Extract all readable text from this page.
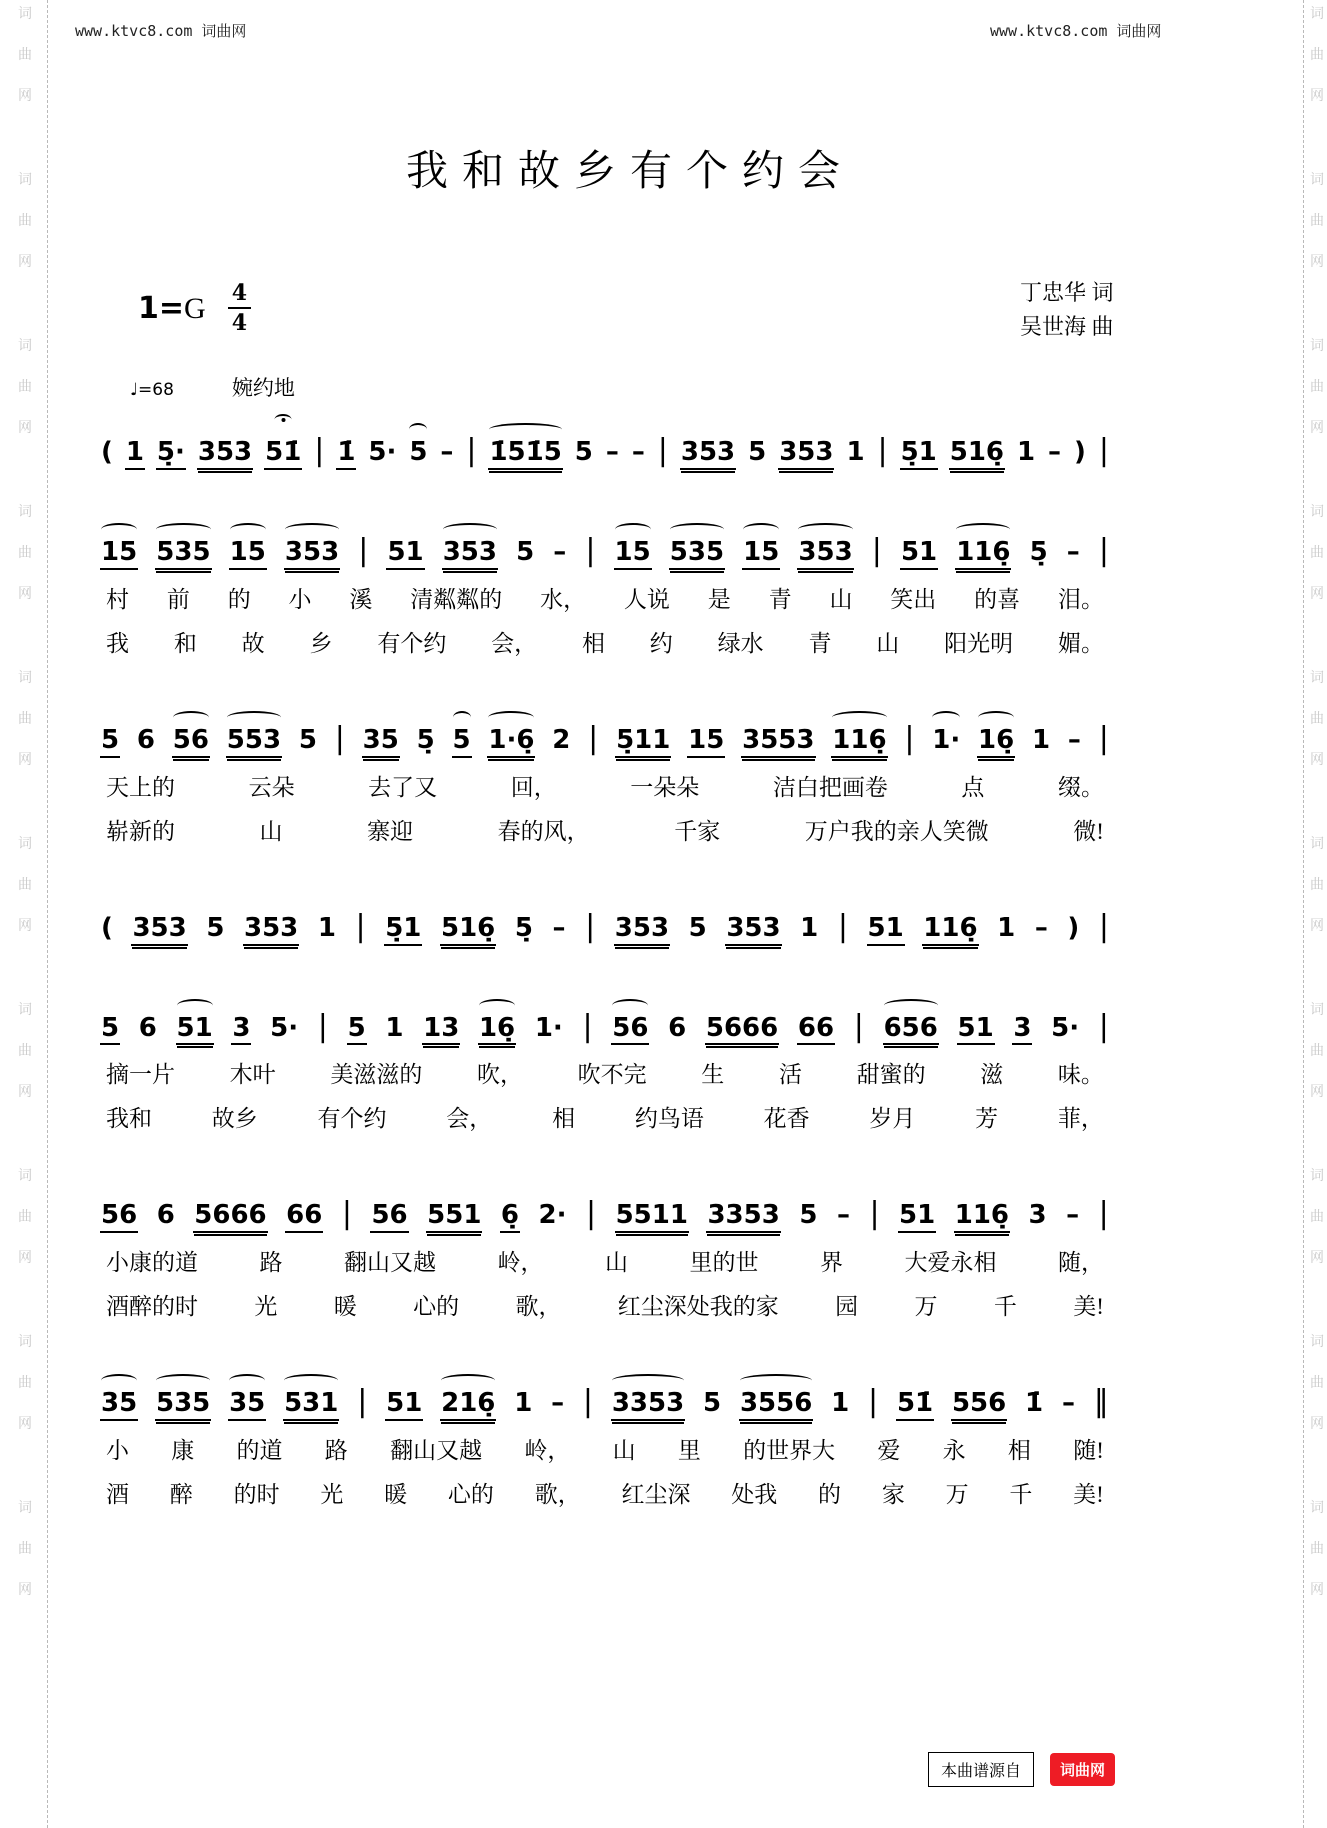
词
曲
网
词
曲
网
词
曲
网
词
曲
网
词
曲
网
词
曲
网
词
曲
网
词
曲
网
词
曲
网
词
曲
网
词
曲
网
词
曲
网
词
曲
网
词
曲
网
词
曲
网
词
曲
网
词
曲
网
词
曲
网
词
曲
网
词
曲
网
www.ktvc8.com 词曲网	www.ktvc8.com 词曲网
我和故乡有个约会
$1=G \frac{4}{4}$	丁忠华 词
吴世海 曲
♩=68	婉约地
( 1 5̣· 353 51̇ | 1̇ 5· 5 – | 1̇51̇5 5 – – | 353 5 353 1 | 5̣1 516̣ 1 – ) |
15 535 15 353 | 51 353 5 – | 15 535 15 353 | 51 116̣ 5̣ – |
村 前 的 小 溪 清粼粼的 水， 人说 是 青 山 笑出 的喜 泪。
我 和 故 乡 有个约 会， 相 约 绿水 青 山 阳光明 媚。
5 6 56 553 5 | 35 5̣ 5 1·6̣ 2 | 5̣11 15 3553 116̣ | 1· 16̣ 1 – |
天上的	云朵	去了又	回，	一朵朵	洁白把画卷	点	缀。
崭新的	山	寨迎	春的风，	千家	万户我的亲人笑微	微!
( 353 5 353 1 | 5̣1 516̣ 5̣ – | 353 5 353 1 | 51 116̣ 1 – ) |
5 6 51 3 5· | 5 1 13 16̣ 1· | 56 6 5666 66 | 656 51 3 5· |
摘一片 木叶 美滋滋的 吹， 吹不完 生 活 甜蜜的 滋 味。
我和	故乡	有个约	会，	相	约鸟语	花香	岁月	芳	菲，
56 6 5666 66 | 56 551 6̣ 2· | 5511 3353 5 – | 51 116̣ 3 – |
小康的道	路	翻山又越	岭，	山	里的世	界	大爱永相	随，
酒醉的时 光 暖 心的 歌， 红尘深处我的家 园 万 千 美!
35 535 35 531 | 51 216̣ 1 – | 3353 5 3556 1 | 51̇ 556 1̇ – ‖
小 康 的道 路 翻山又越 岭， 山 里 的世界大 爱 永 相 随!
酒 醉 的时 光 暖 心的 歌， 红尘深 处我 的 家 万 千 美!
本曲谱源自	词曲网
